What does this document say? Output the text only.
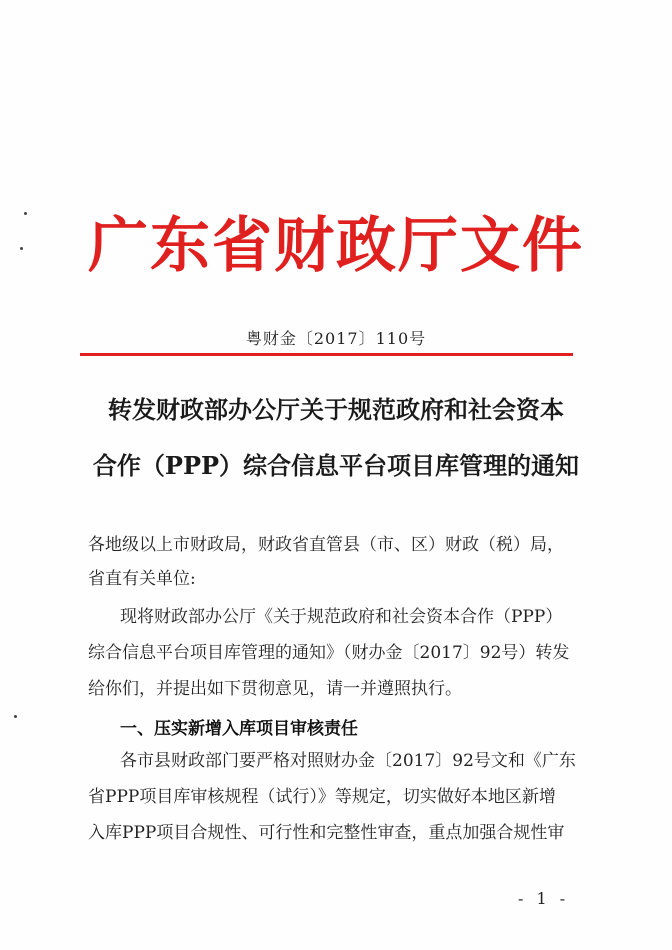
广东省财政厅文件
粤财金〔2017〕110号
转发财政部办公厅关于规范政府和社会资本
合作（PPP）综合信息平台项目库管理的通知
各地级以上市财政局，财政省直管县（市、区）财政（税）局，
省直有关单位:
现将财政部办公厅《关于规范政府和社会资本合作（PPP）
综合信息平台项目库管理的通知》（财办金〔2017〕92号）转发
给你们，并提出如下贯彻意见，请一并遵照执行。
一、压实新增入库项目审核责任
各市县财政部门要严格对照财办金〔2017〕92号文和《广东
省PPP项目库审核规程（试行）》等规定，切实做好本地区新增
入库PPP项目合规性、可行性和完整性审查，重点加强合规性审
- 1 -
